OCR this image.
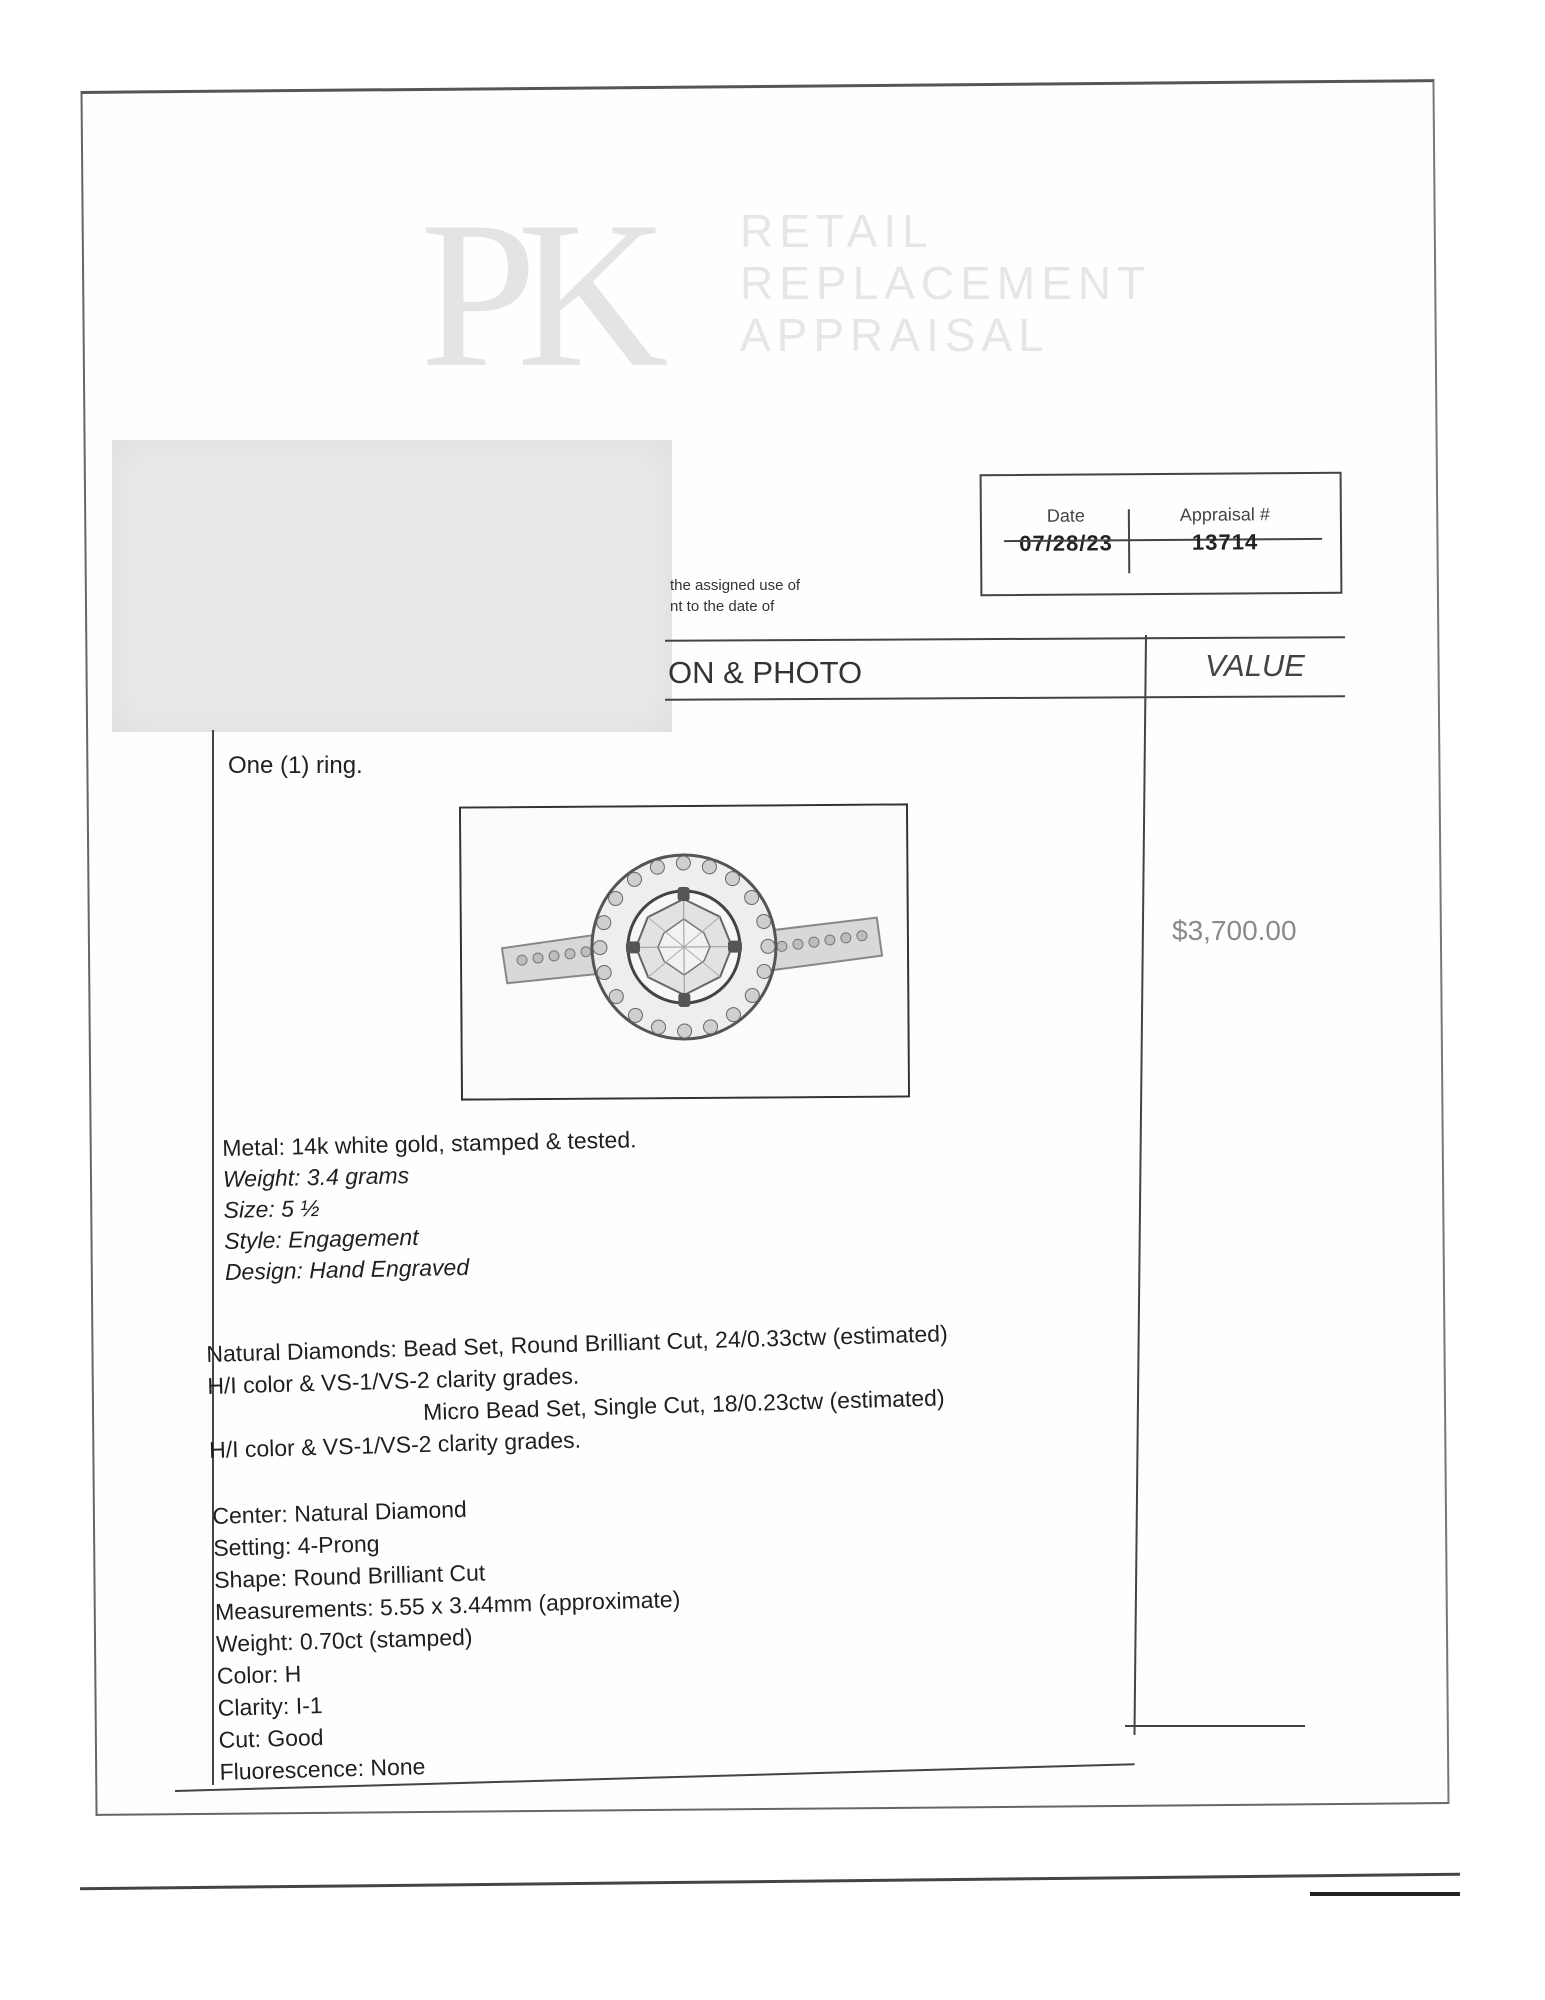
PK RETAIL
REPLACEMENT
APPRAISAL
the assigned use of
nt to the date of
Date
07/28/23
Appraisal #
13714
ON & PHOTO	VALUE
$3,700.00
One (1) ring.
Metal: 14k white gold, stamped & tested.
Weight: 3.4 grams
Size: 5 ½
Style: Engagement
Design: Hand Engraved
Natural Diamonds: Bead Set, Round Brilliant Cut, 24/0.33ctw (estimated)
H/I color & VS-1/VS-2 clarity grades.
Micro Bead Set, Single Cut, 18/0.23ctw (estimated)
H/I color & VS-1/VS-2 clarity grades.
Center: Natural Diamond
Setting: 4-Prong
Shape: Round Brilliant Cut
Measurements: 5.55 x 3.44mm (approximate)
Weight: 0.70ct (stamped)
Color: H
Clarity: I-1
Cut: Good
Fluorescence: None
